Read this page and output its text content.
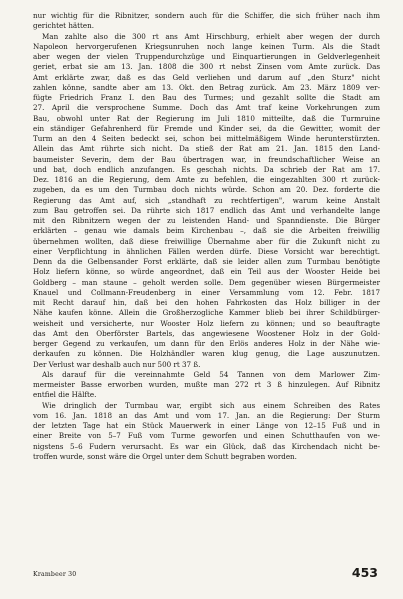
nur wichtig für die Ribnitzer, sondern auch für die Schiffer, die sich früher nach ihm
gerichtet hätten.

Man zahlte also die 300 rt ans Amt Hirschburg, erhielt aber wegen der durch
Napoleon hervorgerufenen Kriegsunruhen noch lange keinen Turm. Als die Stadt
aber wegen der vielen Truppendurchzüge und Einquartierungen in Geldverlegenheit
geriet, erbat sie am 13. Jan. 1808 die 300 rt nebst Zinsen vom Amte zurück. Das
Amt erklärte zwar, daß es das Geld verliehen und darum auf „den Sturz" nicht
zahlen könne, sandte aber am 13. Okt. den Betrag zurück. Am 23. März 1809 ver-
fügte Friedrich Franz I. den Bau des Turmes; und gezahlt sollte die Stadt am
27. April die versprochene Summe. Doch das Amt traf keine Vorkehrungen zum
Bau, obwohl unter Rat der Regierung im Juli 1810 mitteilte, daß die Turmruine
ein ständiger Gefahrenherd für Fremde und Kinder sei, da die Gewitter, womit der
Turm an den 4 Seiten bedeckt sei, schon bei mittelmäßigem Winde herunterstürzten.
Allein das Amt rührte sich nicht. Da stieß der Rat am 21. Jan. 1815 den Land-
baumeister Severin, dem der Bau übertragen war, in freundschaftlicher Weise an
und bat, doch endlich anzufangen. Es geschah nichts. Da schrieb der Rat am 17.
Dez. 1816 an die Regierung, dem Amte zu befehlen, die eingezahlten 300 rt zurück-
zugeben, da es um den Turmbau doch nichts würde. Schon am 20. Dez. forderte die
Regierung das Amt auf, sich „standhaft zu rechtfertigen", warum keine Anstalt
zum Bau getroffen sei. Da rührte sich 1817 endlich das Amt und verhandelte lange
mit den Ribnitzern wegen der zu leistenden Hand- und Spanndienste. Die Bürger
erklärten – genau wie damals beim Kirchenbau –, daß sie die Arbeiten freiwillig
übernehmen wollten, daß diese freiwillige Übernahme aber für die Zukunft nicht zu
einer Verpflichtung in ähnlichen Fällen werden dürfe. Diese Vorsicht war berechtigt.
Denn da die Gelbensander Forst erklärte, daß sie leider allen zum Turmbau benötigte
Holz liefern könne, so würde angeordnet, daß ein Teil aus der Wooster Heide bei
Goldberg – man staune – geholt werden solle. Dem gegenüber wiesen Bürgermeister
Knauel und Collmann-Freudenberg in einer Versammlung vom 12. Febr. 1817
mit Recht darauf hin, daß bei den hohen Fahrkosten das Holz billiger in der
Nähe kaufen könne. Allein die Großherzogliche Kammer blieb bei ihrer Schildbürger-
weisheit und versicherte, nur Wooster Holz liefern zu können; und so beauftragte
das Amt den Oberförster Bartels, das angewiesene Woostener Holz in der Gold-
berger Gegend zu verkaufen, um dann für den Erlös anderes Holz in der Nähe wie-
derkaufen zu können. Die Holzhändler waren klug genug, die Lage auszunutzen.
Der Verlust war deshalb auch nur 500 rt 37 ß.

Als darauf für die vereinnahmte Geld 54 Tannen von dem Marlower Zim-
mermeister Basse erworben wurden, mußte man 272 rt 3 ß hinzulegen. Auf Ribnitz
entfiel die Hälfte.

Wie dringlich der Turmbau war, ergibt sich aus einem Schreiben des Rates
vom 16. Jan. 1818 an das Amt und vom 17. Jan. an die Regierung: Der Sturm
der letzten Tage hat ein Stück Mauerwerk in einer Länge von 12–15 Fuß und in
einer Breite von 5–7 Fuß vom Turme geworfen und einen Schutthaufen von we-
nigstens 5–6 Fudern verursacht. Es war ein Glück, daß das Kirchendach nicht be-
troffen wurde, sonst wäre die Orgel unter dem Schutt begraben worden.

Krambeer 30	453
